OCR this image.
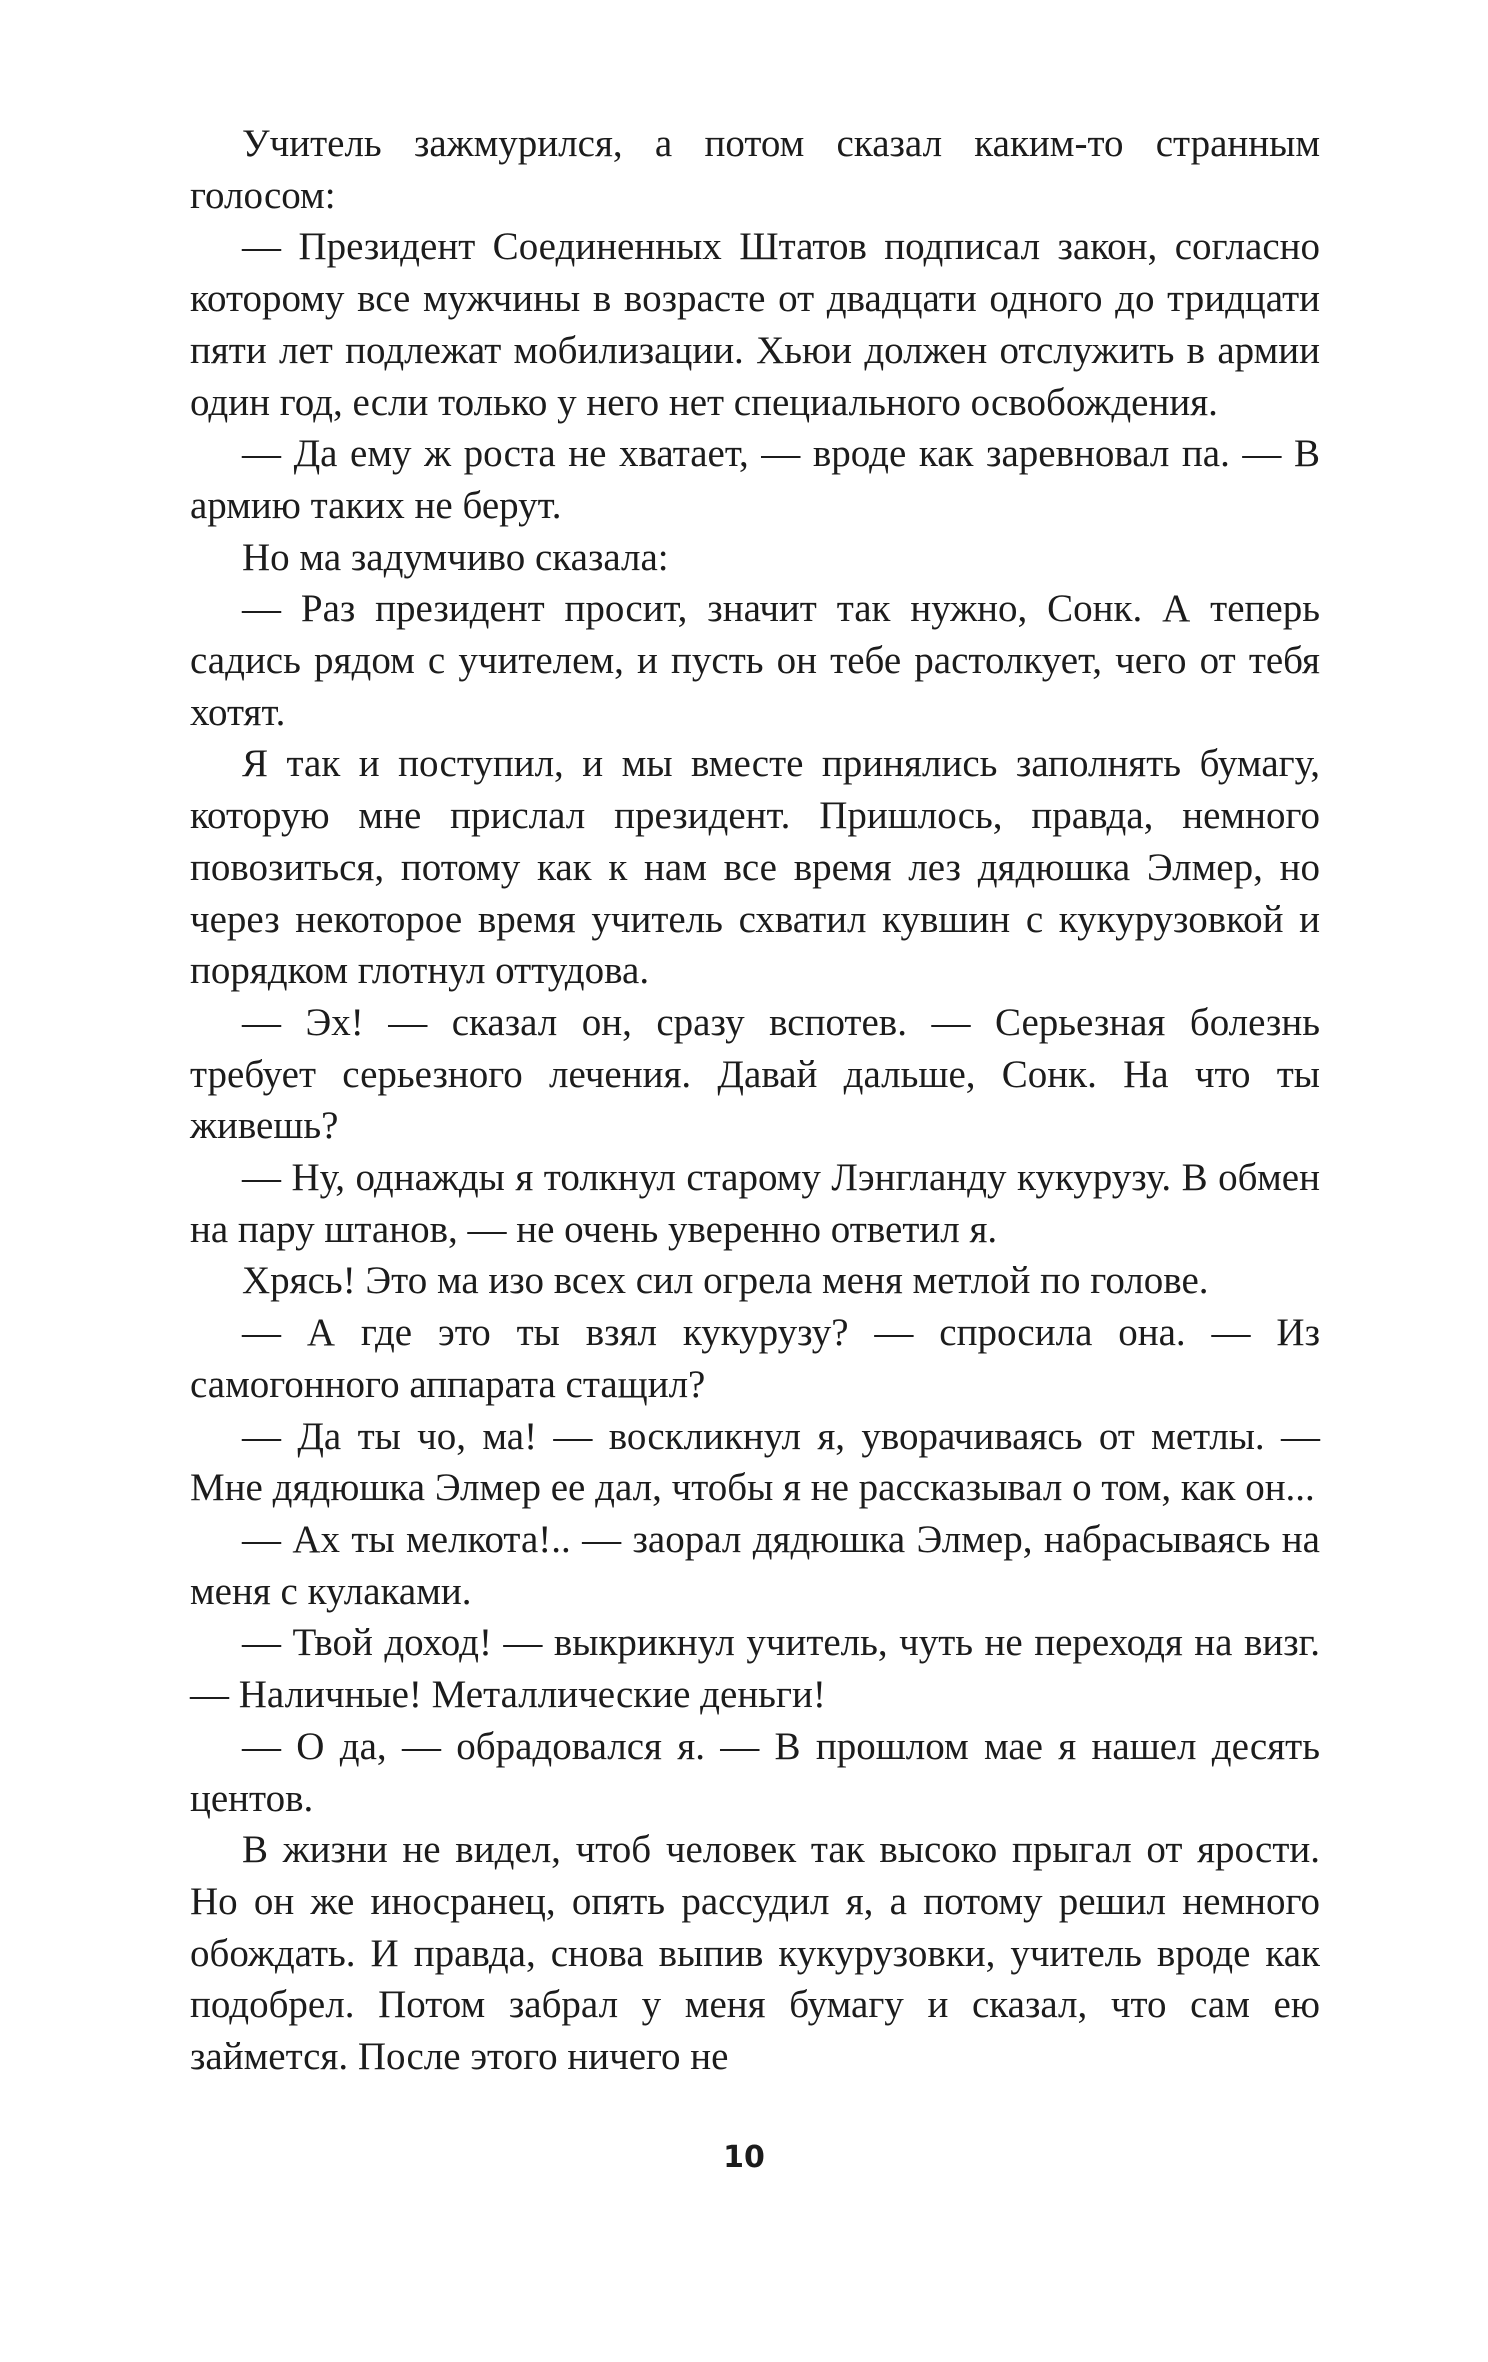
Учитель зажмурился, а потом сказал каким-то странным голосом:

— Президент Соединенных Штатов подписал закон, согласно которому все мужчины в возрасте от двадцати одного до тридцати пяти лет подлежат мобилизации. Хьюи должен отслужить в армии один год, если только у него нет специального освобождения.

— Да ему ж роста не хватает, — вроде как заревновал па. — В армию таких не берут.

Но ма задумчиво сказала:

— Раз президент просит, значит так нужно, Сонк. А теперь садись рядом с учителем, и пусть он тебе растолкует, чего от тебя хотят.

Я так и поступил, и мы вместе принялись заполнять бумагу, которую мне прислал президент. Пришлось, правда, немного повозиться, потому как к нам все время лез дядюшка Элмер, но через некоторое время учитель схватил кувшин с кукурузовкой и порядком глотнул оттудова.

— Эх! — сказал он, сразу вспотев. — Серьезная болезнь требует серьезного лечения. Давай дальше, Сонк. На что ты живешь?

— Ну, однажды я толкнул старому Лэнгланду кукурузу. В обмен на пару штанов, — не очень уверенно ответил я.

Хрясь! Это ма изо всех сил огрела меня метлой по голове.

— А где это ты взял кукурузу? — спросила она. — Из самогонного аппарата стащил?

— Да ты чо, ма! — воскликнул я, уворачиваясь от метлы. — Мне дядюшка Элмер ее дал, чтобы я не рассказывал о том, как он...

— Ах ты мелкота!.. — заорал дядюшка Элмер, набрасываясь на меня с кулаками.

— Твой доход! — выкрикнул учитель, чуть не переходя на визг. — Наличные! Металлические деньги!

— О да, — обрадовался я. — В прошлом мае я нашел десять центов.

В жизни не видел, чтоб человек так высоко прыгал от ярости. Но он же иносранец, опять рассудил я, а потому решил немного обождать. И правда, снова выпив кукурузовки, учитель вроде как подобрел. Потом забрал у меня бумагу и сказал, что сам ею займется. После этого ничего не

10
